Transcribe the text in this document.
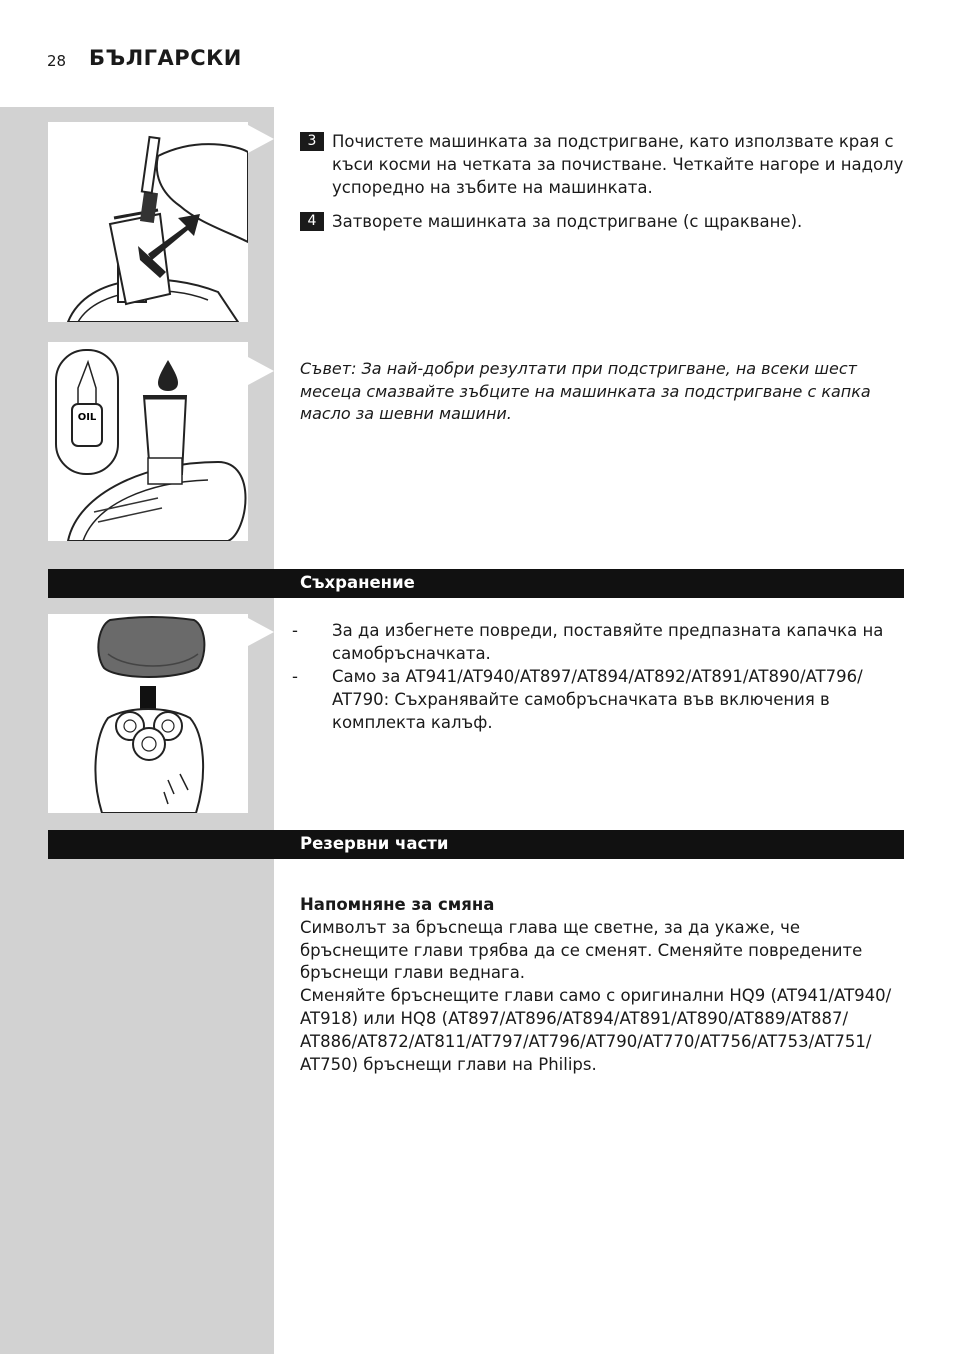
28 БЪЛГАРСКИ
OIL
3 Почистете машинката за подстригване, като използвате края с къси косми на четката за почистване. Четкайте нагоре и надолу успоредно на зъбите на машинката.
4 Затворете машинката за подстригване (с щракване).
Съвет: За най-добри резултати при подстригване, на всеки шест месеца смазвайте зъбците на машинката за подстригване с капка масло за шевни машини.
Съхранение
- За да избегнете повреди, поставяйте предпазната капачка на самобръсначката.
- Само за AT941/AT940/AT897/AT894/AT892/AT891/AT890/AT796/ AT790: Съхранявайте самобръсначката във включения в комплекта калъф.
Резервни части
Напомняне за смяна

Символът за бръсneща глава ще светне, за да укаже, че бръснещите глави трябва да се сменят. Сменяйте повредените бръснещи глави веднага.

Сменяйте бръснещите глави само с оригинални HQ9 (AT941/AT940/ AT918) или HQ8 (AT897/AT896/AT894/AT891/AT890/AT889/AT887/ AT886/AT872/AT811/AT797/AT796/AT790/AT770/AT756/AT753/AT751/ AT750) бръснещи глави на Philips.
